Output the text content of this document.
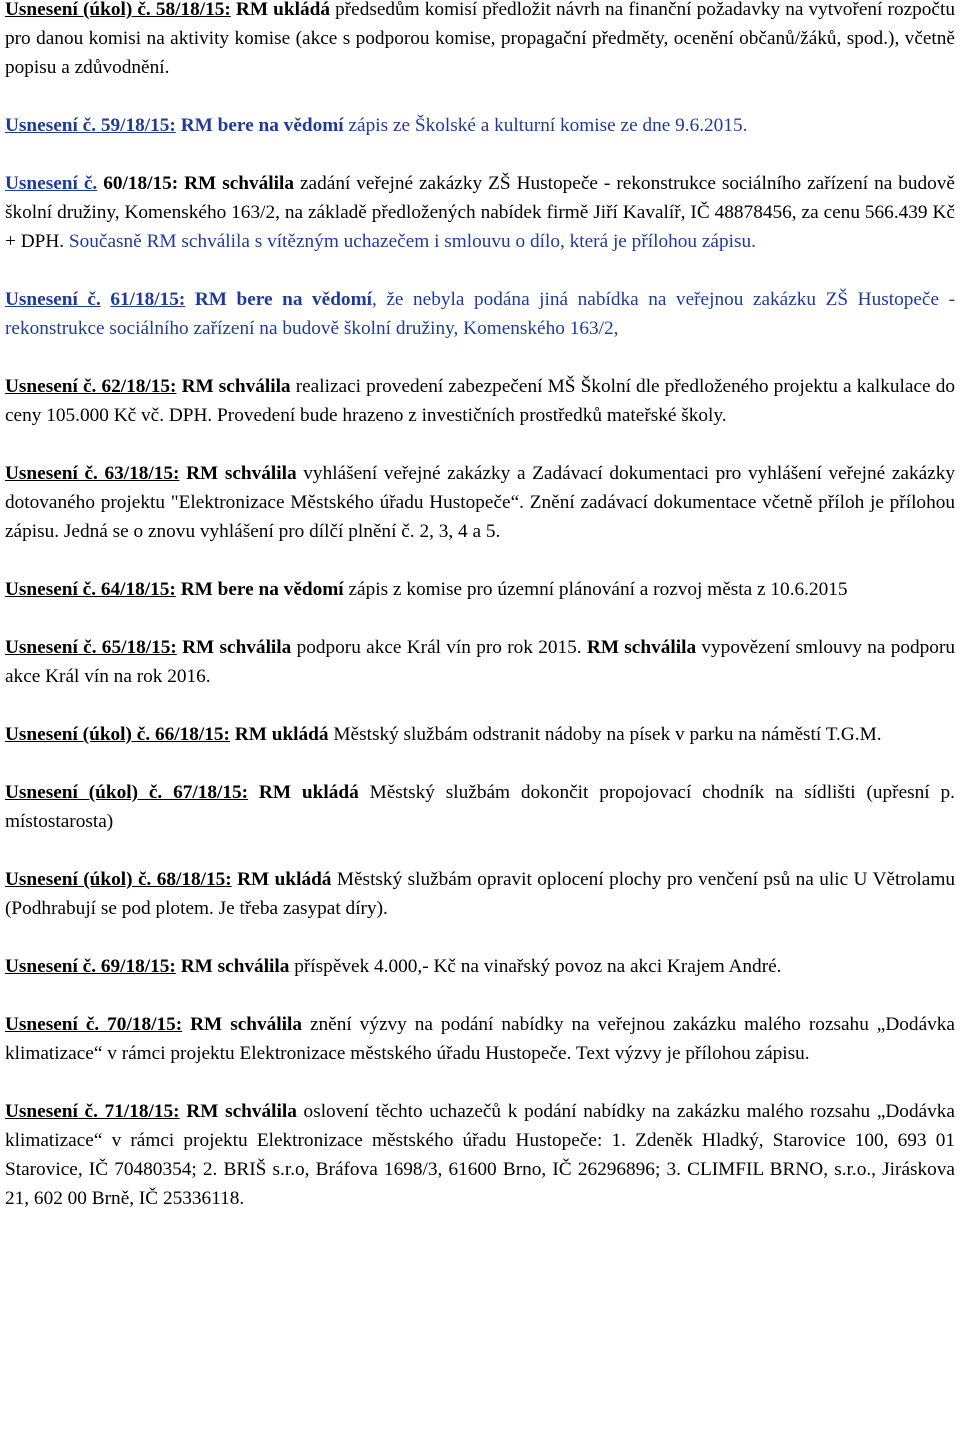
Usnesení (úkol) č. 58/18/15: RM ukládá předsedům komisí předložit návrh na finanční požadavky na vytvoření rozpočtu pro danou komisi na aktivity komise (akce s podporou komise, propagační předměty, ocenění občanů/žáků, spod.), včetně popisu a zdůvodnění.

Usnesení č. 59/18/15: RM bere na vědomí zápis ze Školské a kulturní komise ze dne 9.6.2015.

Usnesení č. 60/18/15: RM schválila zadání veřejné zakázky ZŠ Hustopeče - rekonstrukce sociálního zařízení na budově školní družiny, Komenského 163/2, na základě předložených nabídek firmě Jiří Kavalíř, IČ 48878456, za cenu 566.439 Kč + DPH. Současně RM schválila s vítězným uchazečem i smlouvu o dílo, která je přílohou zápisu.

Usnesení č. 61/18/15: RM bere na vědomí, že nebyla podána jiná nabídka na veřejnou zakázku ZŠ Hustopeče - rekonstrukce sociálního zařízení na budově školní družiny, Komenského 163/2,

Usnesení č. 62/18/15: RM schválila realizaci provedení zabezpečení MŠ Školní dle předloženého projektu a kalkulace do ceny 105.000 Kč vč. DPH. Provedení bude hrazeno z investičních prostředků mateřské školy.

Usnesení č. 63/18/15: RM schválila vyhlášení veřejné zakázky a Zadávací dokumentaci pro vyhlášení veřejné zakázky dotovaného projektu "Elektronizace Městského úřadu Hustopeče“. Znění zadávací dokumentace včetně příloh je přílohou zápisu. Jedná se o znovu vyhlášení pro dílčí plnění č. 2, 3, 4 a 5.

Usnesení č. 64/18/15: RM bere na vědomí zápis z komise pro územní plánování a rozvoj města z 10.6.2015

Usnesení č. 65/18/15: RM schválila podporu akce Král vín pro rok 2015. RM schválila vypovězení smlouvy na podporu akce Král vín na rok 2016.

Usnesení (úkol) č. 66/18/15: RM ukládá Městský službám odstranit nádoby na písek v parku na náměstí T.G.M.

Usnesení (úkol) č. 67/18/15: RM ukládá Městský službám dokončit propojovací chodník na sídlišti (upřesní p. místostarosta)

Usnesení (úkol) č. 68/18/15: RM ukládá Městský službám opravit oplocení plochy pro venčení psů na ulic U Větrolamu (Podhrabují se pod plotem. Je třeba zasypat díry).

Usnesení č. 69/18/15: RM schválila příspěvek 4.000,- Kč na vinařský povoz na akci Krajem André.

Usnesení č. 70/18/15: RM schválila znění výzvy na podání nabídky na veřejnou zakázku malého rozsahu „Dodávka klimatizace“ v rámci projektu Elektronizace městského úřadu Hustopeče. Text výzvy je přílohou zápisu.

Usnesení č. 71/18/15: RM schválila oslovení těchto uchazečů k podání nabídky na zakázku malého rozsahu „Dodávka klimatizace“ v rámci projektu Elektronizace městského úřadu Hustopeče: 1. Zdeněk Hladký, Starovice 100, 693 01 Starovice, IČ 70480354; 2. BRIŠ s.r.o, Bráfova 1698/3, 61600 Brno, IČ 26296896; 3. CLIMFIL BRNO, s.r.o., Jiráskova 21, 602 00 Brně, IČ 25336118.
